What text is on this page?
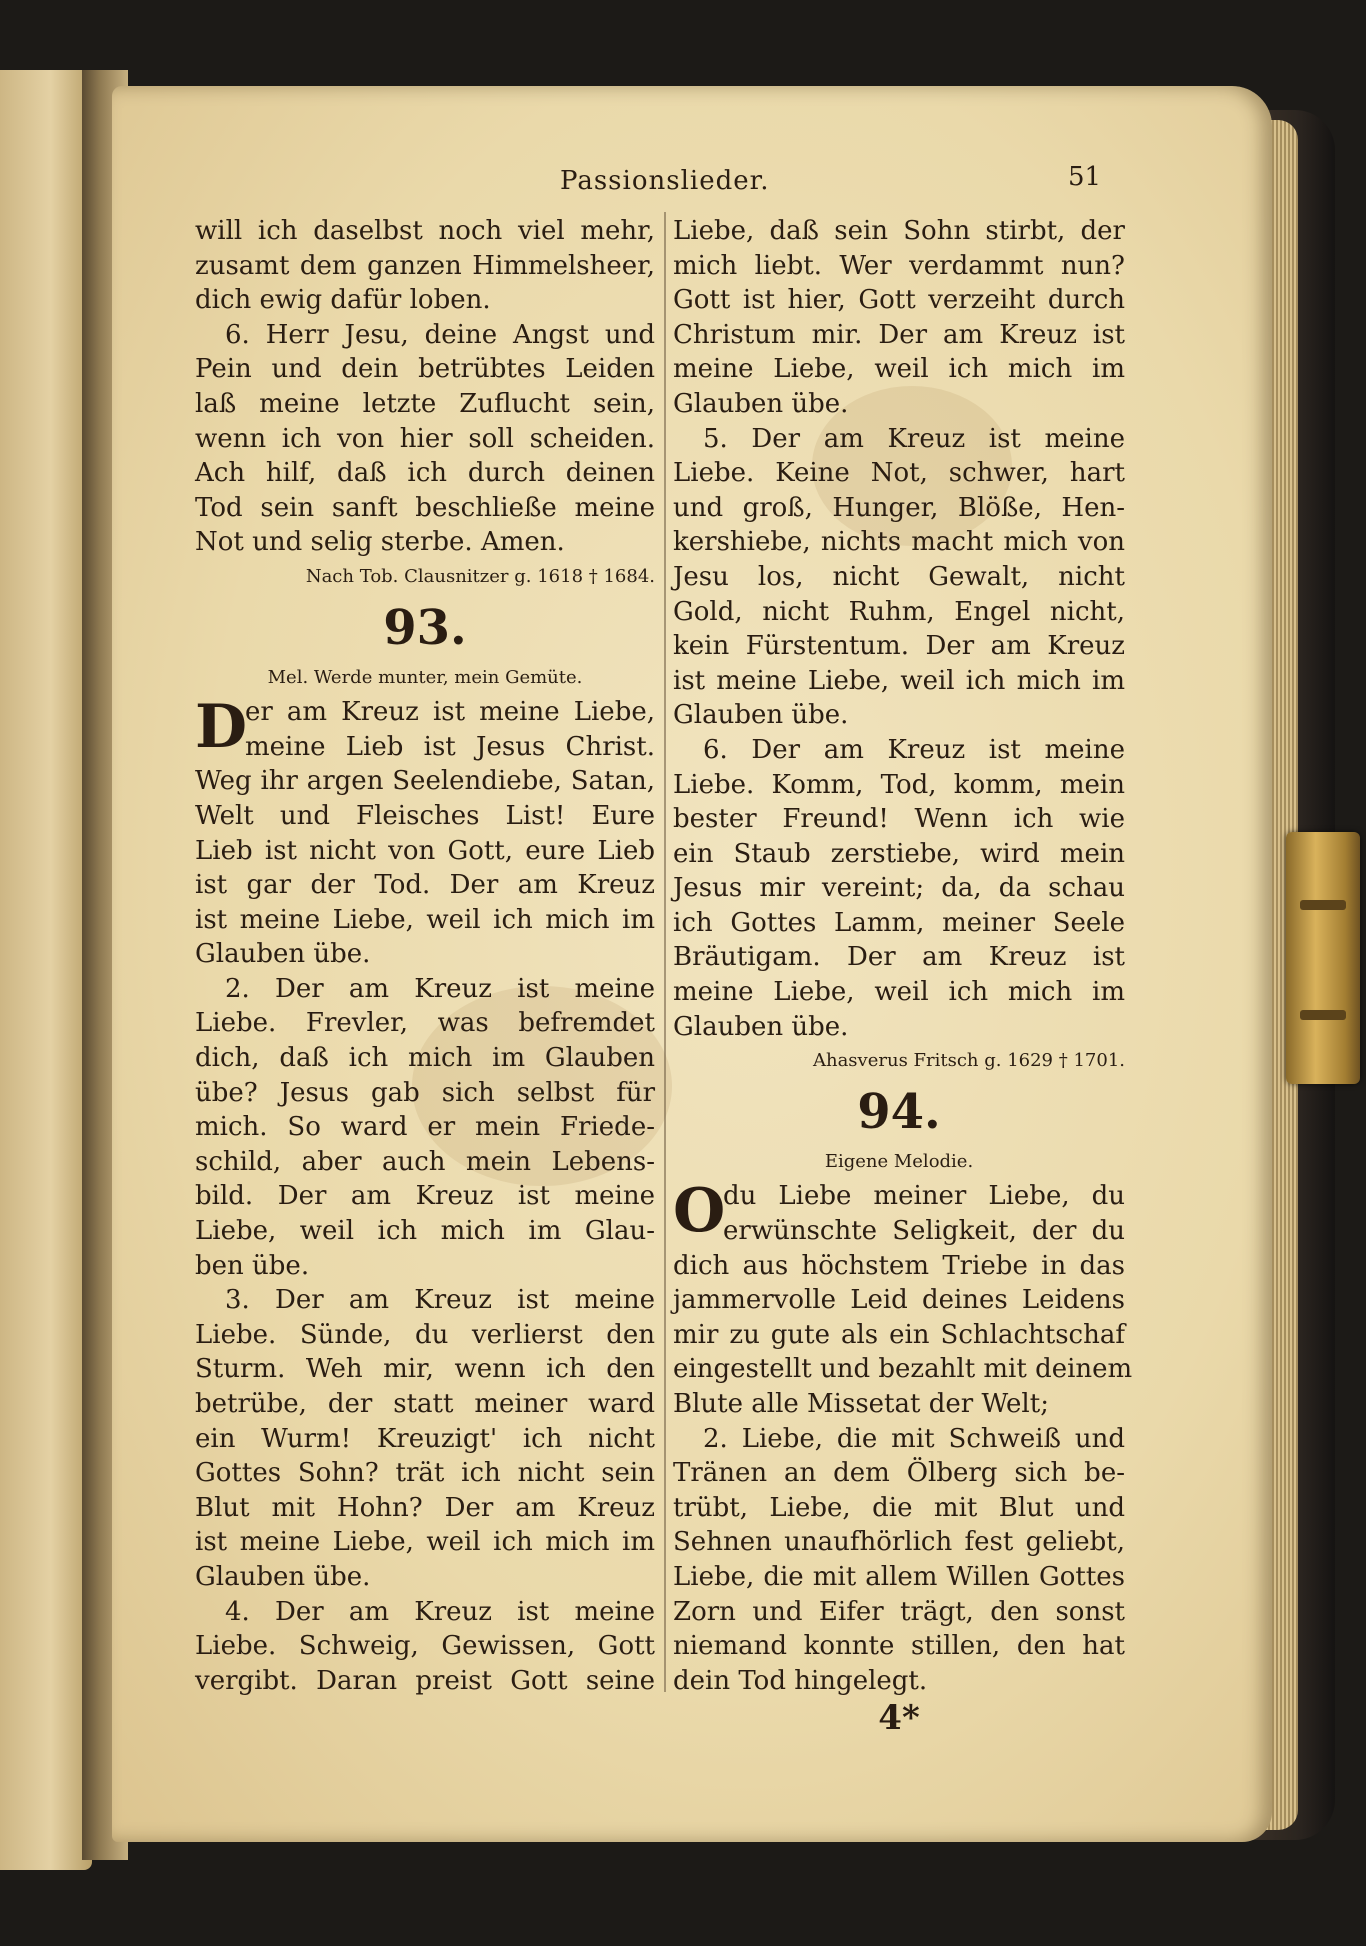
Passionslieder.	51
will ich daselbst noch viel mehr,
zusamt dem ganzen Himmelsheer,
dich ewig dafür loben.
6. Herr Jesu, deine Angst und
Pein und dein betrübtes Leiden
laß meine letzte Zuflucht sein,
wenn ich von hier soll scheiden.
Ach hilf, daß ich durch deinen
Tod sein sanft beschließe meine
Not und selig sterbe. Amen.
Nach Tob. Clausnitzer g. 1618 † 1684.
93.
Mel. Werde munter, mein Gemüte.
D
er am Kreuz ist meine Liebe,
meine Lieb ist Jesus Christ.
Weg ihr argen Seelendiebe, Satan,
Welt und Fleisches List! Eure
Lieb ist nicht von Gott, eure Lieb
ist gar der Tod. Der am Kreuz
ist meine Liebe, weil ich mich im
Glauben übe.
2. Der am Kreuz ist meine
Liebe. Frevler, was befremdet
dich, daß ich mich im Glauben
übe? Jesus gab sich selbst für
mich. So ward er mein Friede-
schild, aber auch mein Lebens-
bild. Der am Kreuz ist meine
Liebe, weil ich mich im Glau-
ben übe.
3. Der am Kreuz ist meine
Liebe. Sünde, du verlierst den
Sturm. Weh mir, wenn ich den
betrübe, der statt meiner ward
ein Wurm! Kreuzigt' ich nicht
Gottes Sohn? trät ich nicht sein
Blut mit Hohn? Der am Kreuz
ist meine Liebe, weil ich mich im
Glauben übe.
4. Der am Kreuz ist meine
Liebe. Schweig, Gewissen, Gott
vergibt. Daran preist Gott seine
Liebe, daß sein Sohn stirbt, der
mich liebt. Wer verdammt nun?
Gott ist hier, Gott verzeiht durch
Christum mir. Der am Kreuz ist
meine Liebe, weil ich mich im
Glauben übe.
5. Der am Kreuz ist meine
Liebe. Keine Not, schwer, hart
und groß, Hunger, Blöße, Hen-
kershiebe, nichts macht mich von
Jesu los, nicht Gewalt, nicht
Gold, nicht Ruhm, Engel nicht,
kein Fürstentum. Der am Kreuz
ist meine Liebe, weil ich mich im
Glauben übe.
6. Der am Kreuz ist meine
Liebe. Komm, Tod, komm, mein
bester Freund! Wenn ich wie
ein Staub zerstiebe, wird mein
Jesus mir vereint; da, da schau
ich Gottes Lamm, meiner Seele
Bräutigam. Der am Kreuz ist
meine Liebe, weil ich mich im
Glauben übe.
Ahasverus Fritsch g. 1629 † 1701.
94.
Eigene Melodie.
O
du Liebe meiner Liebe, du
erwünschte Seligkeit, der du
dich aus höchstem Triebe in das
jammervolle Leid deines Leidens
mir zu gute als ein Schlachtschaf
eingestellt und bezahlt mit deinem
Blute alle Missetat der Welt;
2. Liebe, die mit Schweiß und
Tränen an dem Ölberg sich be-
trübt, Liebe, die mit Blut und
Sehnen unaufhörlich fest geliebt,
Liebe, die mit allem Willen Gottes
Zorn und Eifer trägt, den sonst
niemand konnte stillen, den hat
dein Tod hingelegt.
4*
